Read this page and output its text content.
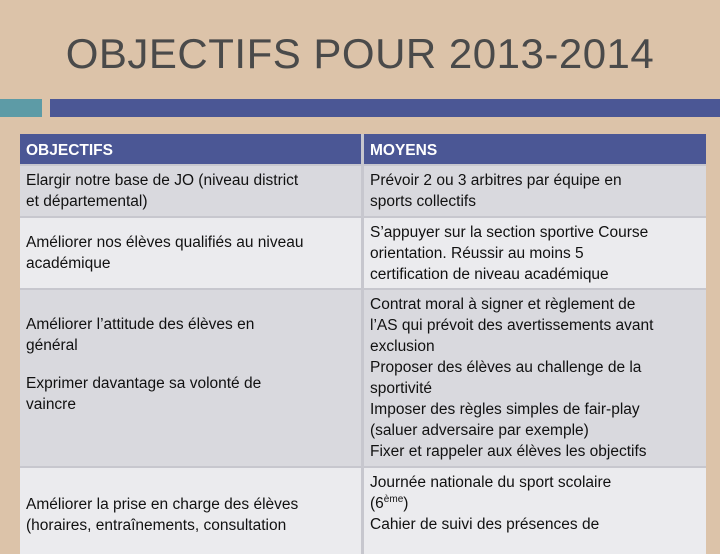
OBJECTIFS POUR 2013-2014
OBJECTIFS	MOYENS
Elargir notre base de JO (niveau district
et départemental)
Prévoir 2 ou 3 arbitres par équipe en
sports collectifs
Améliorer nos élèves qualifiés au niveau
académique
S’appuyer sur la section sportive Course
orientation. Réussir au moins 5
certification de niveau académique
Améliorer l’attitude des élèves en
général
Exprimer davantage sa volonté de
vaincre
Contrat moral à signer et règlement de
l’AS qui prévoit des avertissements avant
exclusion
Proposer des élèves au challenge de la
sportivité
Imposer des règles simples de fair-play
(saluer adversaire par exemple)
Fixer et rappeler aux élèves les objectifs
Améliorer la prise en charge des élèves
(horaires, entraînements, consultation
Journée nationale du sport scolaire
(6ème)
Cahier de suivi des présences de
